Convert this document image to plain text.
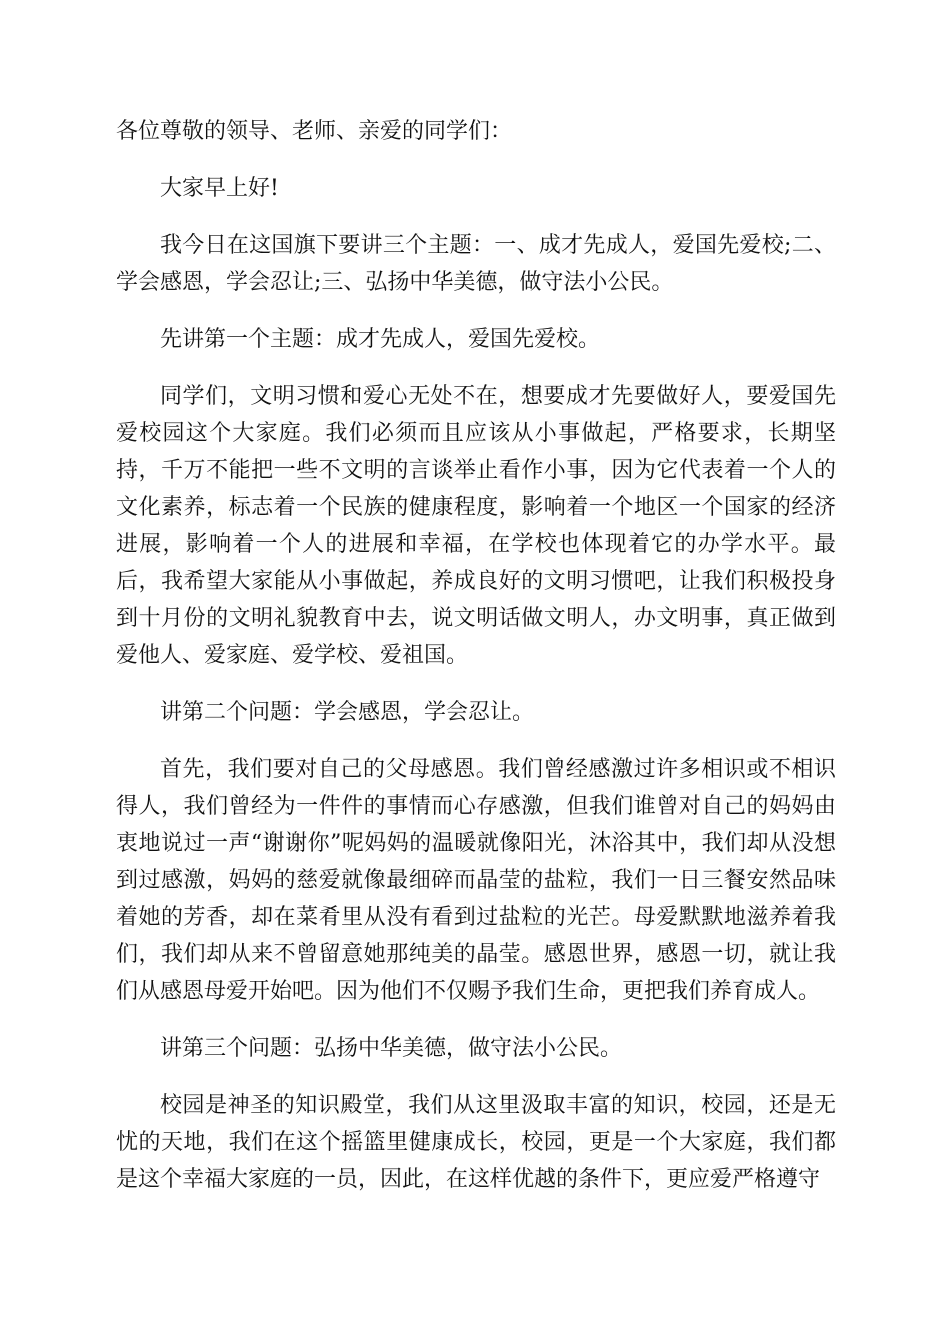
各位尊敬的领导、老师、亲爱的同学们：

大家早上好!

我今日在这国旗下要讲三个主题：一、成才先成人，爱国先爱校;二、学会感恩，学会忍让;三、弘扬中华美德，做守法小公民。

先讲第一个主题：成才先成人，爱国先爱校。

同学们，文明习惯和爱心无处不在，想要成才先要做好人，要爱国先爱校园这个大家庭。我们必须而且应该从小事做起，严格要求，长期坚持，千万不能把一些不文明的言谈举止看作小事，因为它代表着一个人的文化素养，标志着一个民族的健康程度，影响着一个地区一个国家的经济进展，影响着一个人的进展和幸福，在学校也体现着它的办学水平。最后，我希望大家能从小事做起，养成良好的文明习惯吧，让我们积极投身到十月份的文明礼貌教育中去，说文明话做文明人，办文明事，真正做到爱他人、爱家庭、爱学校、爱祖国。

讲第二个问题：学会感恩，学会忍让。

首先，我们要对自己的父母感恩。我们曾经感激过许多相识或不相识得人，我们曾经为一件件的事情而心存感激，但我们谁曾对自己的妈妈由衷地说过一声“谢谢你”呢妈妈的温暖就像阳光，沐浴其中，我们却从没想到过感激，妈妈的慈爱就像最细碎而晶莹的盐粒，我们一日三餐安然品味着她的芳香，却在菜肴里从没有看到过盐粒的光芒。母爱默默地滋养着我们，我们却从来不曾留意她那纯美的晶莹。感恩世界，感恩一切，就让我们从感恩母爱开始吧。因为他们不仅赐予我们生命，更把我们养育成人。

讲第三个问题：弘扬中华美德，做守法小公民。

校园是神圣的知识殿堂，我们从这里汲取丰富的知识，校园，还是无忧的天地，我们在这个摇篮里健康成长，校园，更是一个大家庭，我们都是这个幸福大家庭的一员，因此，在这样优越的条件下，更应爱严格遵守
